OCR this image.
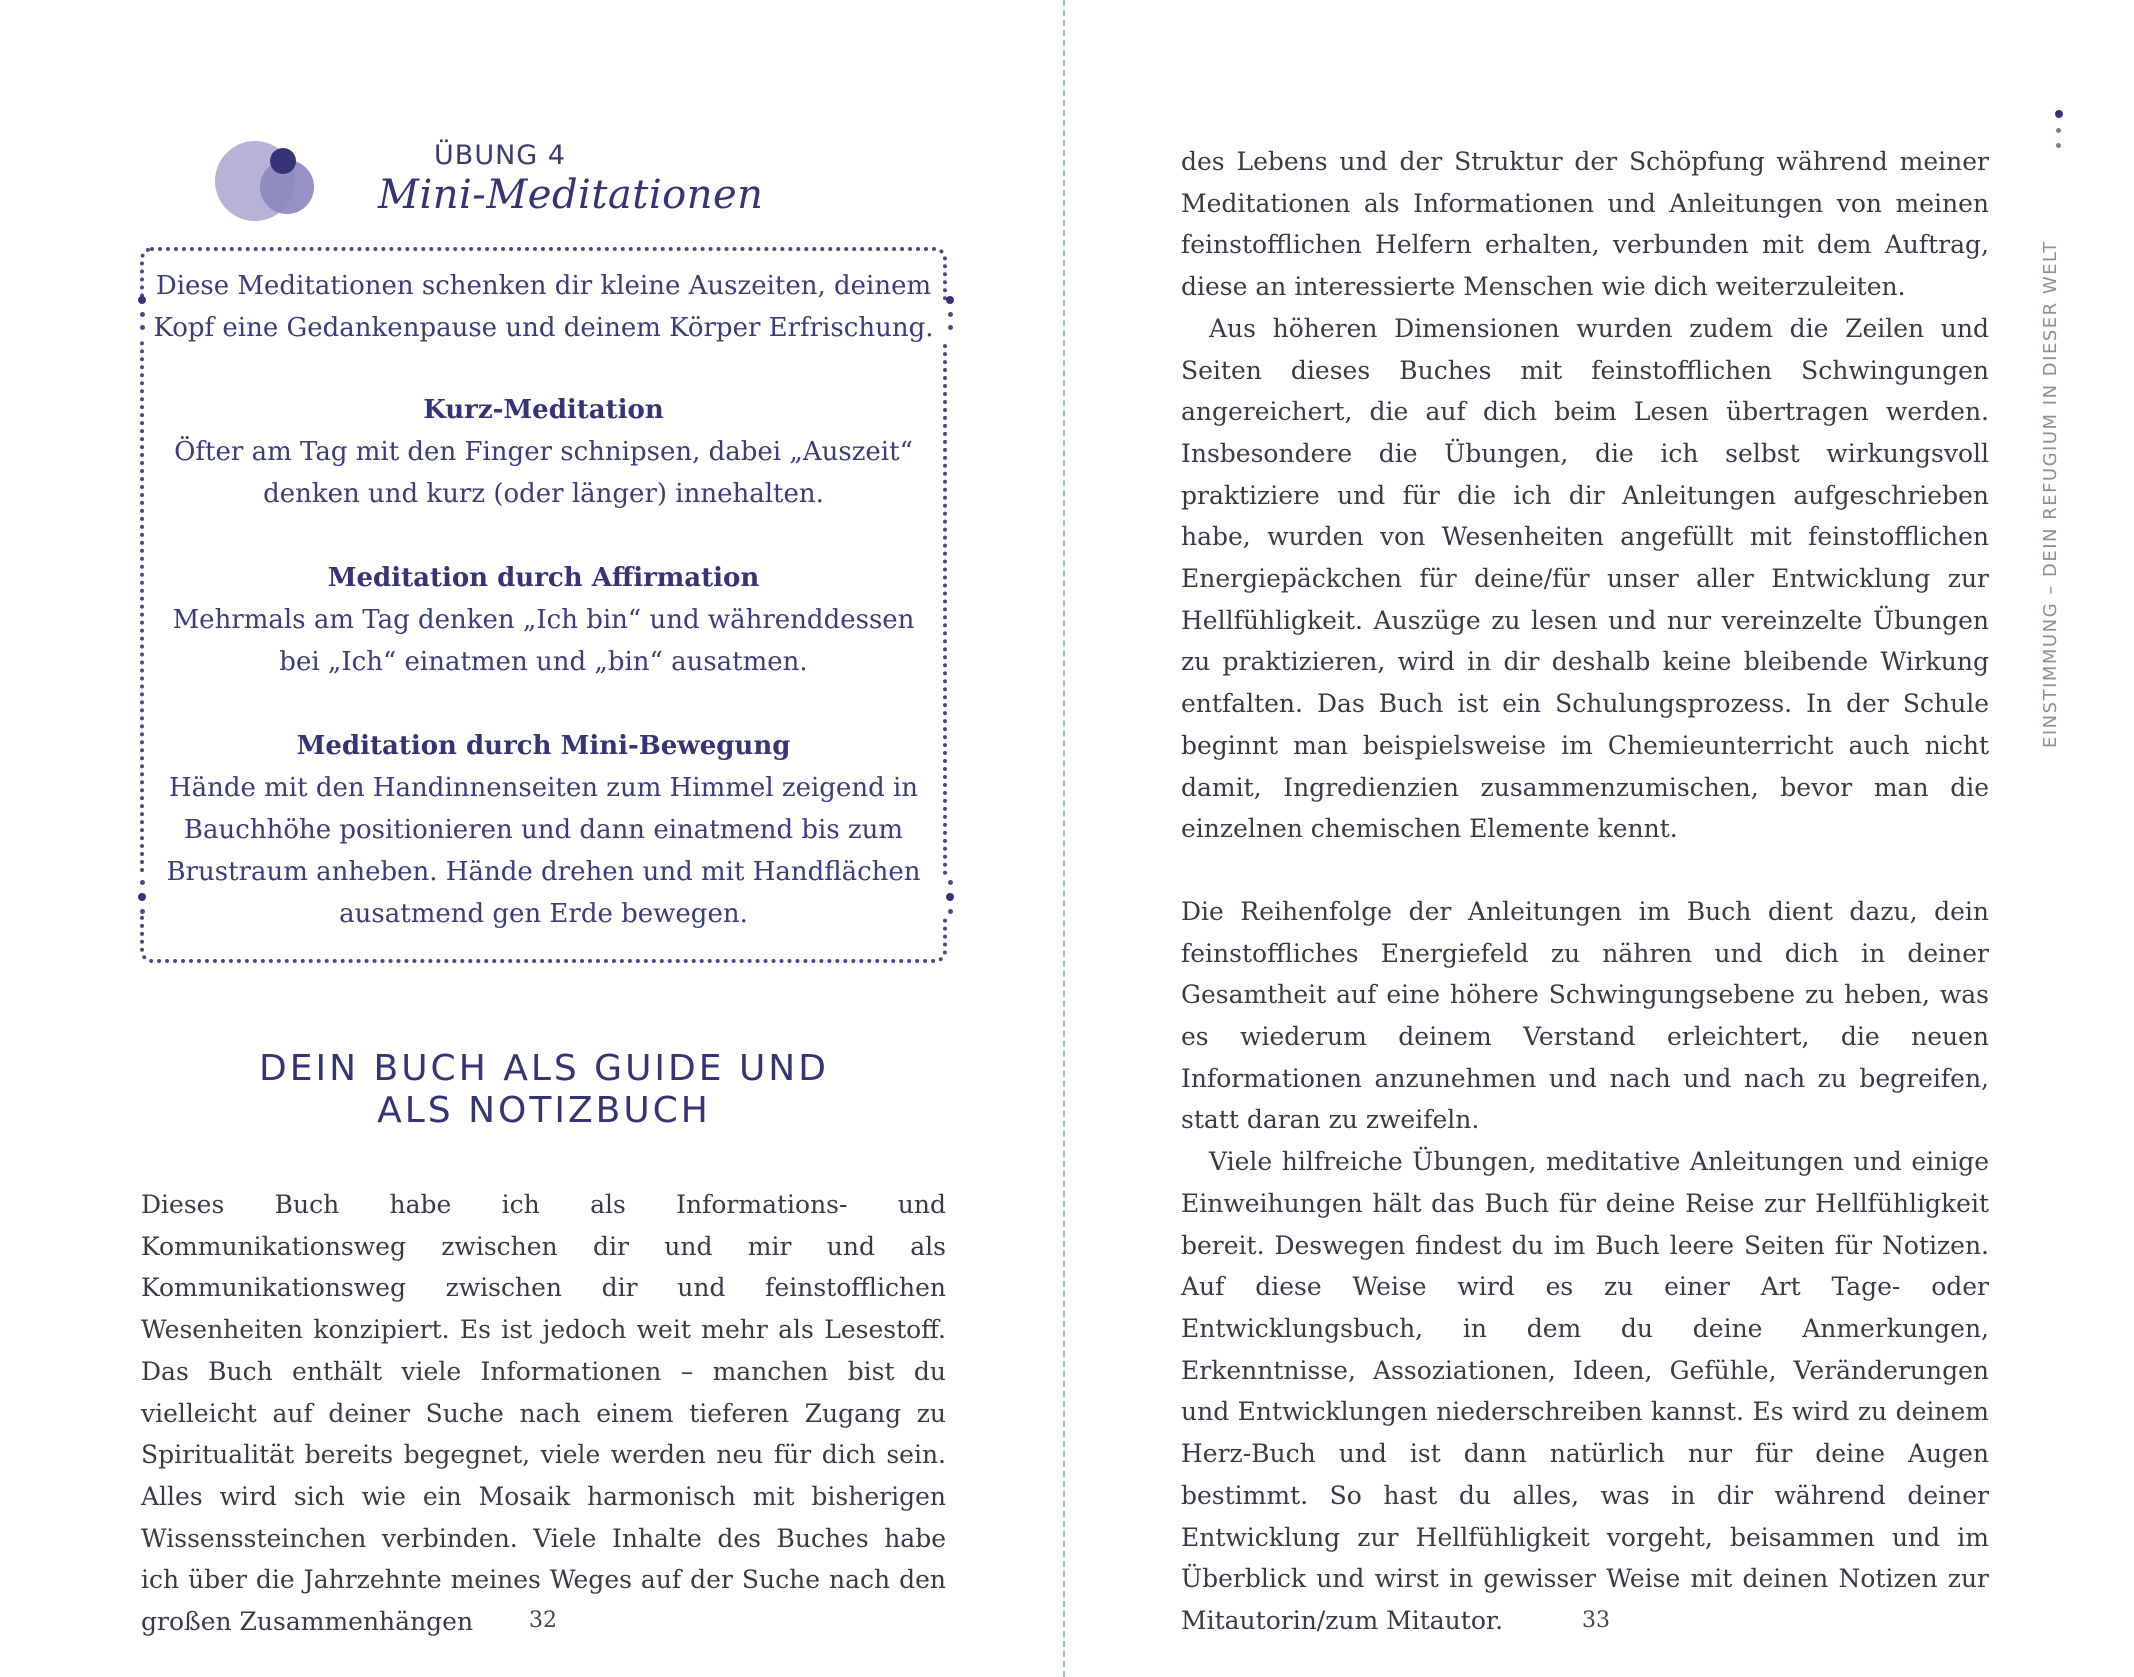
ÜBUNG 4
Mini-Meditationen

Diese Meditationen schenken dir kleine Auszeiten, deinem Kopf eine Gedankenpause und deinem Körper Erfrischung.

Kurz-Meditation

Öfter am Tag mit den Finger schnipsen, dabei „Auszeit“

denken und kurz (oder länger) innehalten.

Meditation durch Affirmation

Mehrmals am Tag denken „Ich bin“ und währenddessen

bei „Ich“ einatmen und „bin“ ausatmen.

Meditation durch Mini-Bewegung

Hände mit den Handinnenseiten zum Himmel zeigend in

Bauchhöhe positionieren und dann einatmend bis zum

Brustraum anheben. Hände drehen und mit Handflächen

ausatmend gen Erde bewegen.

DEIN BUCH ALS GUIDE UND
ALS NOTIZBUCH

Dieses Buch habe ich als Informations- und Kommunikationsweg zwischen dir und mir und als Kommunikationsweg zwischen dir und feinstofflichen Wesenheiten konzipiert. Es ist jedoch weit mehr als Lesestoff. Das Buch enthält viele Informationen – manchen bist du vielleicht auf deiner Suche nach einem tieferen Zugang zu Spiritualität bereits begegnet, viele werden neu für dich sein. Alles wird sich wie ein Mosaik harmonisch mit bisherigen Wissenssteinchen verbinden. Viele Inhalte des Buches habe ich über die Jahrzehnte meines Weges auf der Suche nach den großen Zusammenhängen	32

des Lebens und der Struktur der Schöpfung während meiner Meditationen als Informationen und Anleitungen von meinen feinstofflichen Helfern erhalten, verbunden mit dem Auftrag, diese an interessierte Menschen wie dich weiterzuleiten.

Aus höheren Dimensionen wurden zudem die Zeilen und Seiten dieses Buches mit feinstofflichen Schwingungen angereichert, die auf dich beim Lesen übertragen werden. Insbesondere die Übungen, die ich selbst wirkungsvoll praktiziere und für die ich dir Anleitungen aufgeschrieben habe, wurden von Wesenheiten angefüllt mit feinstofflichen Energiepäckchen für deine/für unser aller Entwicklung zur Hellfühligkeit. Auszüge zu lesen und nur vereinzelte Übungen zu praktizieren, wird in dir deshalb keine bleibende Wirkung entfalten. Das Buch ist ein Schulungsprozess. In der Schule beginnt man beispielsweise im Chemieunterricht auch nicht damit, Ingredienzien zusammenzumischen, bevor man die einzelnen chemischen Elemente kennt.

Die Reihenfolge der Anleitungen im Buch dient dazu, dein feinstoffliches Energiefeld zu nähren und dich in deiner Gesamtheit auf eine höhere Schwingungsebene zu heben, was es wiederum deinem Verstand erleichtert, die neuen Informationen anzunehmen und nach und nach zu begreifen, statt daran zu zweifeln.

Viele hilfreiche Übungen, meditative Anleitungen und einige Einweihungen hält das Buch für deine Reise zur Hellfühligkeit bereit. Deswegen findest du im Buch leere Seiten für Notizen. Auf diese Weise wird es zu einer Art Tage- oder Entwicklungsbuch, in dem du deine Anmerkungen, Erkenntnisse, Assoziationen, Ideen, Gefühle, Veränderungen und Entwicklungen niederschreiben kannst. Es wird zu deinem Herz-Buch und ist dann natürlich nur für deine Augen bestimmt. So hast du alles, was in dir während deiner Entwicklung zur Hellfühligkeit vorgeht, beisammen und im Überblick und wirst in gewisser Weise mit deinen Notizen zur Mitautorin/zum Mitautor.	33
EINSTIMMUNG – DEIN REFUGIUM IN DIESER WELT
